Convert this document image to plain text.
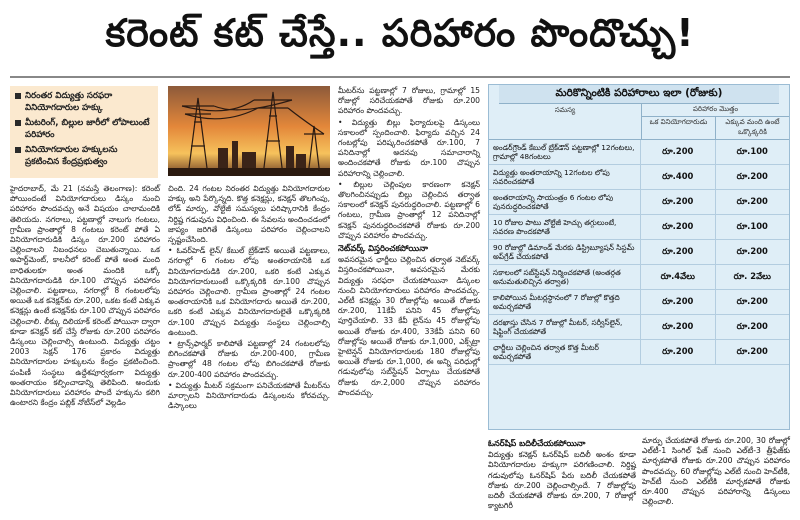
కరెంట్ కట్ చేస్తే.. పరిహారం పొందొచ్చు!
నిరంతర విద్యుత్తు సరఫరా వినియోగదారుల హక్కు
మీటరింగ్, బిల్లుల జారీలో లోపాలుంటే పరిహారం
వినియోగదారుల హక్కులను ప్రకటించిన కేంద్రప్రభుత్వం

హైదరాబాద్, మే 21 (నమస్తే తెలంగాణ): కరెంట్ పోయిందంటే వినియోగదారులు డిస్కం నుంచి పరిహారం పొందవచ్చు అనే విషయం చాలామందికి తెలియదు. నగరాలు, పట్టణాల్లో నాలుగు గంటలు, గ్రామీణ ప్రాంతాల్లో 8 గంటలు కరెంట్ పోతే ఏ వినియోగదారుడికి డిస్కం రూ.200 పరిహారం చెల్లించాలని నిబంధనలు చెబుతున్నాయి. ఒక అపార్ట్‌మెంట్, కాలనీలో కరెంట్ పోతే అంత మంది బాధితులకూ అంత మందికి ఒక్కో వినియోగదారుడికి రూ.100 చొప్పున పరిహారం చెల్లించాలి. పట్టణాలు, నగరాల్లో 8 గంటలలోపు అయితే ఒక కనెక్షన్‌కు రూ.200, ఒకట కంటే ఎక్కువ కనెక్షన్లు ఉంటే కనెక్షన్‌కు రూ.100 చొప్పున పరిహారం చెల్లించాలి. లీక్కు దిలియాక్ కరెంట్ పోయినా ద్వారా కూడా కనెక్షన్ కట్ చేస్తే రోజుకు రూ.200 పరిహారం డిస్కంలు చెల్లించాల్సి ఉంటుంది. విద్యుత్తు చట్టం 2003 సెక్షన్ 176 ప్రకారం విద్యుత్తు వినియోగదారుల హక్కులను కేంద్రం ప్రకటించింది. పంపిణీ సంస్థలు ఉద్దేశపూర్వకంగా విద్యుత్తు అంతరాయం కల్పించాడాన్ని తెలిపింది. అందుకు వినియోగదారులు పరిహారం పొందే హక్కును కలిగి ఉంటారని కేంద్రం పబ్లిక్ నోటీస్‌లో వెల్లడిం

చింది. 24 గంటల నిరంతర విద్యుత్తు వినియోగదారుల హక్కు అని పేర్కొన్నది. కొత్త కనెక్షన్లు, కనెక్షన్ తొలగింపు, లోడ్ మార్పు, వోల్టేజీ సమస్యలు పరిష్కారానికి కేంద్రం నిర్దిష్ట గడువును విధించింది. ఈ సేవలను అందించడంలో జాప్యం జరిగితే డిస్కంలు పరిహారం చెల్లించాలని స్పష్టంచేసింది.

• ఓవర్‌హెడ్ లైన్/ కేబుల్ బ్రేక్‌డౌన్ అయితే పట్టణాలు, నగరాల్లో 6 గంటల లోపు అంతరాయానికి ఒక వినియోగదారుడికి రూ.200, ఒకరి కంటే ఎక్కువ వినియోగదారులుంటే ఒక్కొక్కరికి రూ.100 చొప్పున పరిహారం చెల్లించాలి. గ్రామీణ ప్రాంతాల్లో 24 గంటల అంతరాయానికి ఒక వినియోగదారు అయితే రూ.200, ఒకరి కంటే ఎక్కువ వినియోగదారులైతే ఒక్కొక్కరికి రూ.100 చొప్పున విద్యుత్తు సంస్థలు చెల్లించాల్సి ఉంటుంది.

• ట్రాన్స్‌ఫార్మర్ కాలిపోతే పట్టణాల్లో 24 గంటలలోపు బిగించకపోతే రోజుకు రూ.200-400, గ్రామీణ ప్రాంతాల్లో 48 గంటల లోపు బిగించకపోతే రోజుకు రూ.200-400 పరిహారం పొందవచ్చు.

• విద్యుత్తు మీటర్ సక్రమంగా పనిచేయకపోతే మీటర్‌ను మార్చాలని వినియోగదారుడు డిస్కంలను కోరవచ్చు. డిస్కాంలు

మీటర్‌ను పట్టణాల్లో 7 రోజులు, గ్రామాల్లో 15 రోజుల్లో సరిచేయకపోతే రోజుకు రూ.200 పరిహారం పొందవచ్చు.

• విద్యుత్తు బిల్లు ఫిర్యాదులపై డిస్కంలు సకాలంలో స్పందించాలి. ఫిర్యాదు వచ్చిన 24 గంటల్లోపు పరిష్కరించకపోతే రూ.100, 7 పనిదినాల్లో అదనపు సమాచారాన్ని అందించకపోతే రోజుకు రూ.100 చొప్పున పరిహారాన్ని చెల్లించాలి.

• బిల్లుల చెల్లింపుల కారణంగా కనెక్షన్ తొలగించినప్పుడు బిల్లు చెల్లించిన తర్వాత సకాలంలో కనెక్షన్ పునరుద్ధరించాలి. పట్టణాల్లో 6 గంటలు, గ్రామీణ ప్రాంతాల్లో 12 పనిదినాల్లో కనెక్షన్ పునరుద్ధరించకపోతే రోజుకు రూ.200 చొప్పున పరిహారం పొందవచ్చు.

నెట్‌వర్క్ విస్తరించకపోయినా

అవసరమైన ఛార్జీలు చెల్లించిన తర్వాత నెట్‌వర్క్ విస్తరించకపోయినా, అవసరమైన మేరకు విద్యుత్తు సరఫరా చేయకపోయినా డిస్కంల నుంచి వినియోగదారులు పరిహారం పొందవచ్చు. ఎల్‌టీ కనెక్షన్లు 30 రోజుల్లోపు అయితే రోజుకు రూ.200, 11కేవీ పనిని 45 రోజుల్లోపు పూర్తిచేయాలి. 33 కేవీ లైన్‌ను 45 రోజుల్లోపు అయితే రోజుకు రూ.400, 33కేవీ పనిని 60 రోజుల్లోపు అయితే రోజుకు రూ.1,000, ఎక్స్‌ట్రా హైటెన్షన్ వినియోగదారులకు 180 రోజుల్లోపు అయితే రోజుకు రూ.1,000, ఈ అన్ని పరిధుల్లో గడువులోపు సబ్‌స్టేషన్ ఏర్పాటు చేయకపోతే రోజుకు రూ.2,000 చొప్పున పరిహారం పొందవచ్చు.

మరికొన్నింటికి పరిహారాలు ఇలా (రోజుకు)
సమస్య	పరిహారం మొత్తం
ఒక వినియోగదారుడు	ఎక్కువ మంది ఉంటే ఒక్కొక్కరికి
అండర్‌గ్రౌండ్ కేబుల్ బ్రేక్‌డౌన్ పట్టణాల్లో 12గంటలు, గ్రామాల్లో 48గంటలు
రూ.200	రూ.100
విద్యుత్తు అంతరాయాన్ని 12గంటల లోపు సవరించకపోతే
రూ.400	రూ.200
అంతరాయాన్ని సాయంత్రం 6 గంటల లోపు పునరుద్ధరించకపోతే
రూ.200	రూ.200
10 రోజుల పాటు వోల్టేజీ హెచ్చు తగ్గులుంటే, సవరణ పొందకపోతే
రూ.200	రూ.100
90 రోజుల్లో డిమాండ్ మేరకు డిస్ట్రిబ్యూషన్ సిస్టమ్ అప్‌గ్రేడ్ చేయకపోతే
రూ.200	రూ.200
సకాలంలో సబ్‌స్టేషన్ నిర్మించకపోతే (అంతర్గత అనుమతులిచ్చిన తర్వాత)
రూ.4వేలు	రూ. 2వేలు
కాలిపోయిన మీటర్లస్థానంలో 7 రోజుల్లో కొత్తది అమర్చకపోతే
రూ.200	రూ.200
దరఖాస్తు చేసిన 7 రోజుల్లో మీటర్, సర్వీస్‌లైన్, షిఫ్టింగ్ చేయకపోతే
రూ.200	రూ.200
ఛార్జీలు చెల్లించిన తర్వాత కొత్త మీటర్ అమర్చకపోతే
రూ.200	రూ.200
ఓనర్‌షిప్ బదిలీచేయకపోయినా

విద్యుత్తు కనెక్షన్ ఓనర్‌షిప్ బదిలీ అంశం కూడా వినియోగదారుల హక్కుగా పరిగణించాలి. నిర్దిష్ట గడువులోపు ఓనర్‌షిప్ పేరు బదిలీ చేయకపోతే రోజుకు రూ.200 చెల్లించాల్సిందే. 7 రోజుల్లోపు బదిలీ చేయకపోతే రోజుకు రూ.200, 7 రోజుల్లో క్యాటగిరీ

మార్పు చేయకపోతే రోజుకు రూ.200, 30 రోజుల్లో ఎల్‌టీ-1 సింగిల్ ఫేజ్ నుంచి ఎల్‌టీ-3 త్రీఫేజ్‌కు మార్చకపోతే రోజుకు రూ.200 చొప్పున పరిహారం పొందవచ్చు. 60 రోజుల్లోపు ఎల్‌టీ నుంచి హెచ్‌టీకి, హెచ్‌టీ నుంచి ఎల్‌టీకి మార్చకపోతే రోజుకు రూ.400 చొప్పున పరిహారాన్ని డిస్కంలు చెల్లించాలి.
